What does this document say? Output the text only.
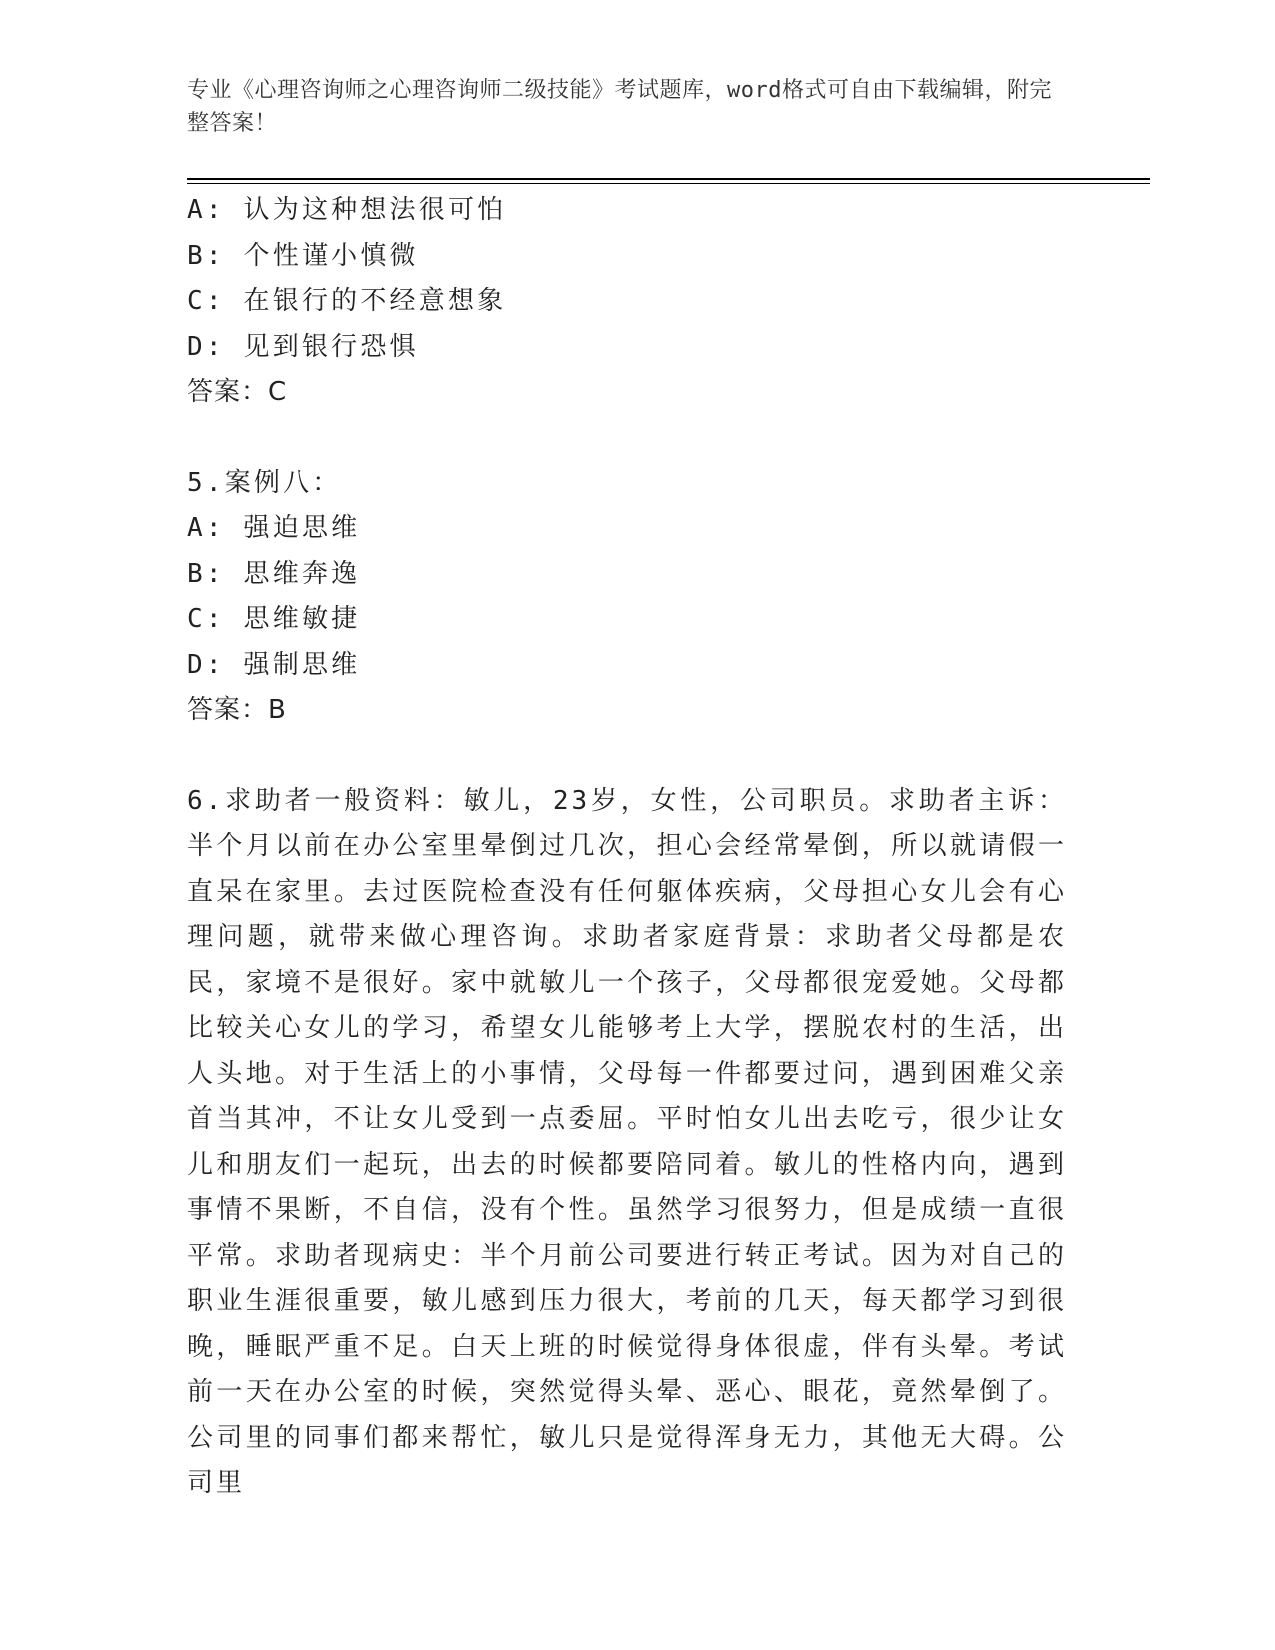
专业《心理咨询师之心理咨询师二级技能》考试题库，word格式可自由下载编辑，附完整答案！
A: 认为这种想法很可怕
B: 个性谨小慎微
C: 在银行的不经意想象
D: 见到银行恐惧
答案：C
5.案例八：
A: 强迫思维
B: 思维奔逸
C: 思维敏捷
D: 强制思维
答案：B
6.求助者一般资料：敏儿，23岁，女性，公司职员。求助者主诉：半个月以前在办公室里晕倒过几次，担心会经常晕倒，所以就请假一直呆在家里。去过医院检查没有任何躯体疾病，父母担心女儿会有心理问题，就带来做心理咨询。求助者家庭背景：求助者父母都是农民，家境不是很好。家中就敏儿一个孩子，父母都很宠爱她。父母都比较关心女儿的学习，希望女儿能够考上大学，摆脱农村的生活，出人头地。对于生活上的小事情，父母每一件都要过问，遇到困难父亲首当其冲，不让女儿受到一点委屈。平时怕女儿出去吃亏，很少让女儿和朋友们一起玩，出去的时候都要陪同着。敏儿的性格内向，遇到事情不果断，不自信，没有个性。虽然学习很努力，但是成绩一直很平常。求助者现病史：半个月前公司要进行转正考试。因为对自己的职业生涯很重要，敏儿感到压力很大，考前的几天，每天都学习到很晚，睡眠严重不足。白天上班的时候觉得身体很虚，伴有头晕。考试前一天在办公室的时候，突然觉得头晕、恶心、眼花，竟然晕倒了。公司里的同事们都来帮忙，敏儿只是觉得浑身无力，其他无大碍。公司里
